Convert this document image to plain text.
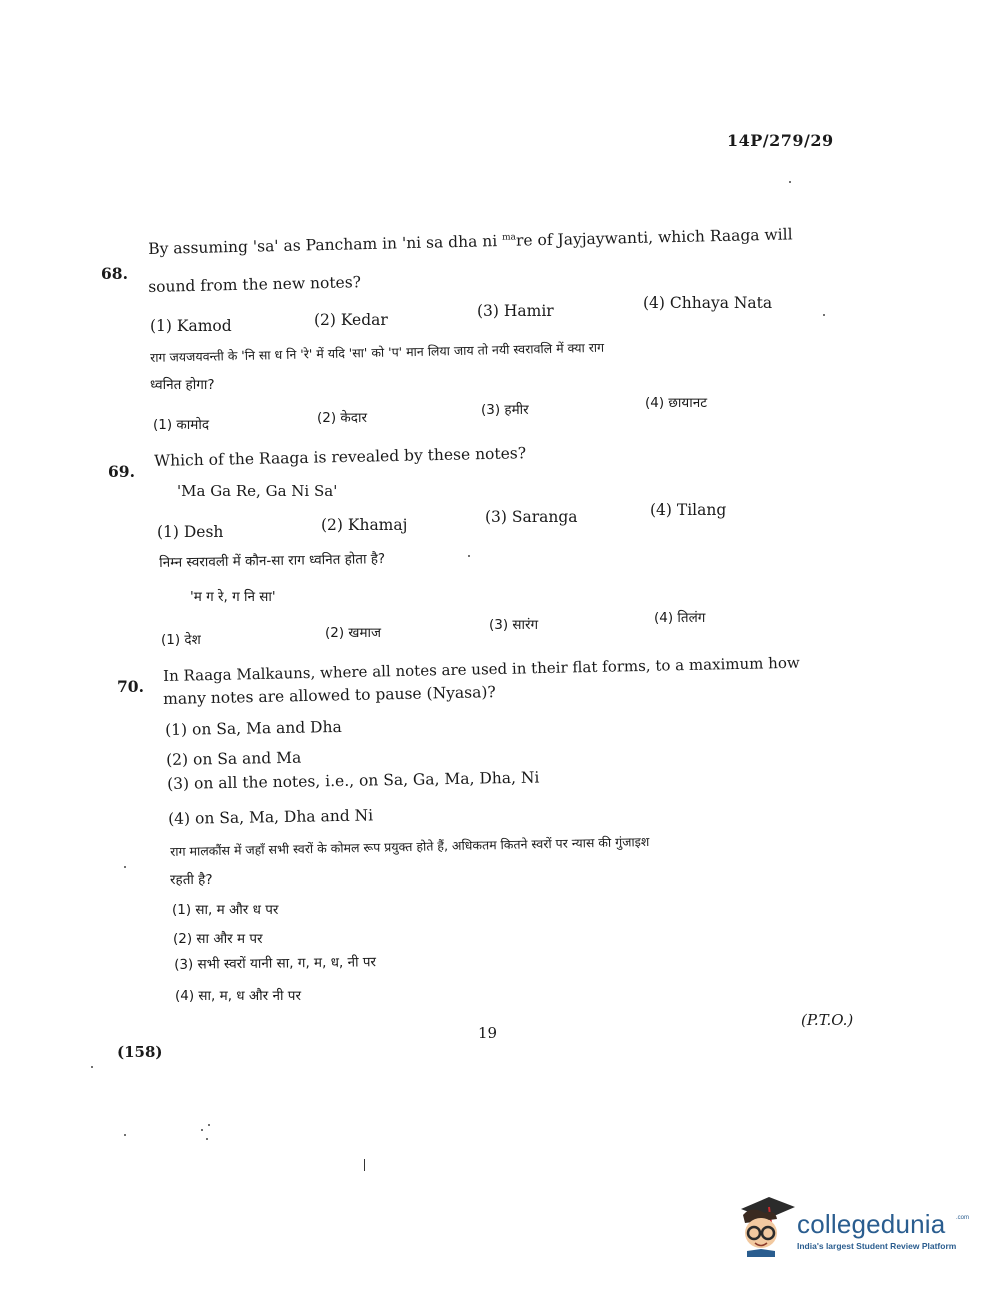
14P/279/29
68.
By assuming 'sa' as Pancham in 'ni sa dha ni $^{ma}$re of Jayjaywanti, which Raaga will
sound from the new notes?
(1) Kamod	(2) Kedar	(3) Hamir	(4) Chhaya Nata
राग जयजयवन्ती के 'नि सा ध नि 'रे' में यदि 'सा' को 'प' मान लिया जाय तो नयी स्वरावलि में क्या राग
ध्वनित होगा?
(1) कामोद	(2) केदार	(3) हमीर	(4) छायानट
69.
Which of the Raaga is revealed by these notes?
'Ma Ga Re, Ga Ni Sa'
(1) Desh	(2) Khamaj	(3) Saranga	(4) Tilang
निम्न स्वरावली में कौन-सा राग ध्वनित होता है?
'म ग रे, ग नि सा'
(1) देश	(2) खमाज	(3) सारंग	(4) तिलंग
70.
In Raaga Malkauns, where all notes are used in their flat forms, to a maximum how
many notes are allowed to pause (Nyasa)?
(1) on Sa, Ma and Dha
(2) on Sa and Ma
(3) on all the notes, i.e., on Sa, Ga, Ma, Dha, Ni
(4) on Sa, Ma, Dha and Ni
राग मालकौंस में जहाँ सभी स्वरों के कोमल रूप प्रयुक्त होते हैं, अधिकतम कितने स्वरों पर न्यास की गुंजाइश
रहती है?
(1) सा, म और ध पर
(2) सा और म पर
(3) सभी स्वरों यानी सा, ग, म, ध, नी पर
(4) सा, म, ध और नी पर
19
(P.T.O.)
(158)
collegedunia .com
India's largest Student Review Platform
